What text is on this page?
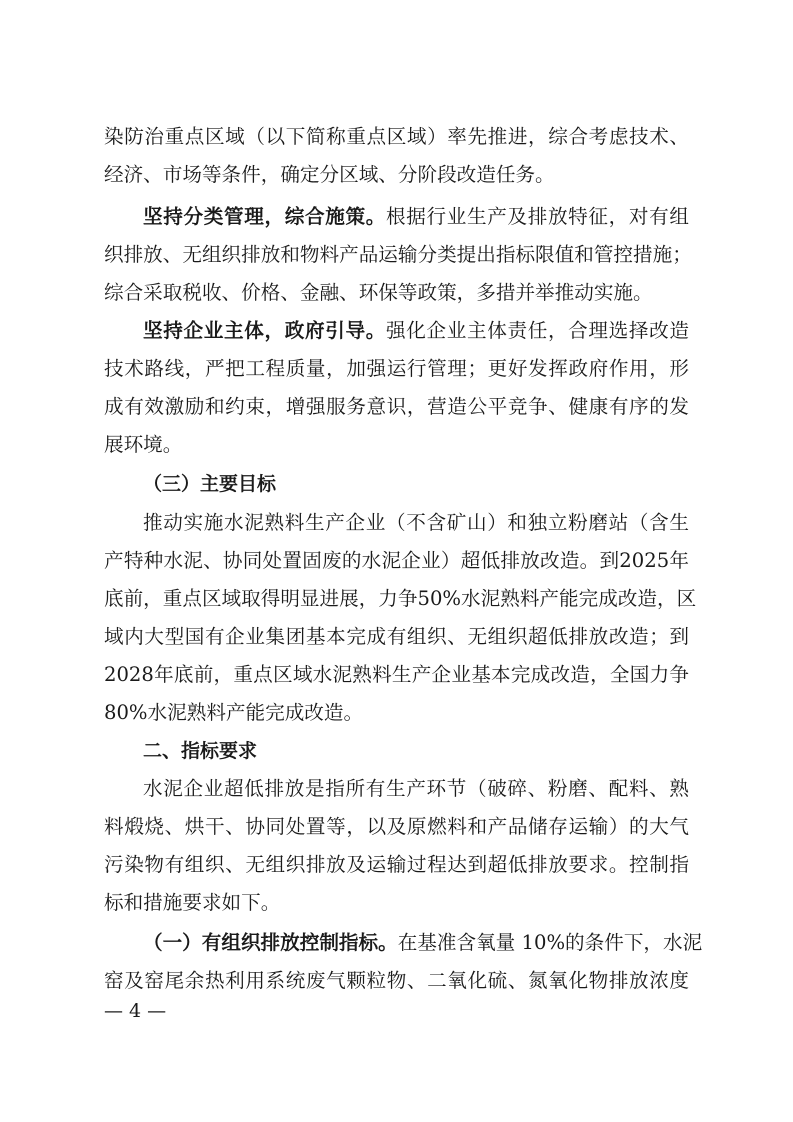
染防治重点区域（以下简称重点区域）率先推进，综合考虑技术、
经济、市场等条件，确定分区域、分阶段改造任务。
坚持分类管理，综合施策。根据行业生产及排放特征，对有组
织排放、无组织排放和物料产品运输分类提出指标限值和管控措施；
综合采取税收、价格、金融、环保等政策，多措并举推动实施。
坚持企业主体，政府引导。强化企业主体责任，合理选择改造
技术路线，严把工程质量，加强运行管理；更好发挥政府作用，形
成有效激励和约束，增强服务意识，营造公平竞争、健康有序的发
展环境。
（三）主要目标
推动实施水泥熟料生产企业（不含矿山）和独立粉磨站（含生
产特种水泥、协同处置固废的水泥企业）超低排放改造。到2025年
底前，重点区域取得明显进展，力争50%水泥熟料产能完成改造，区
域内大型国有企业集团基本完成有组织、无组织超低排放改造；到
2028年底前，重点区域水泥熟料生产企业基本完成改造，全国力争
80%水泥熟料产能完成改造。
二、指标要求
水泥企业超低排放是指所有生产环节（破碎、粉磨、配料、熟
料煅烧、烘干、协同处置等，以及原燃料和产品储存运输）的大气
污染物有组织、无组织排放及运输过程达到超低排放要求。控制指
标和措施要求如下。
（一）有组织排放控制指标。在基准含氧量 10%的条件下，水泥
窑及窑尾余热利用系统废气颗粒物、二氧化硫、氮氧化物排放浓度
— 4 —
